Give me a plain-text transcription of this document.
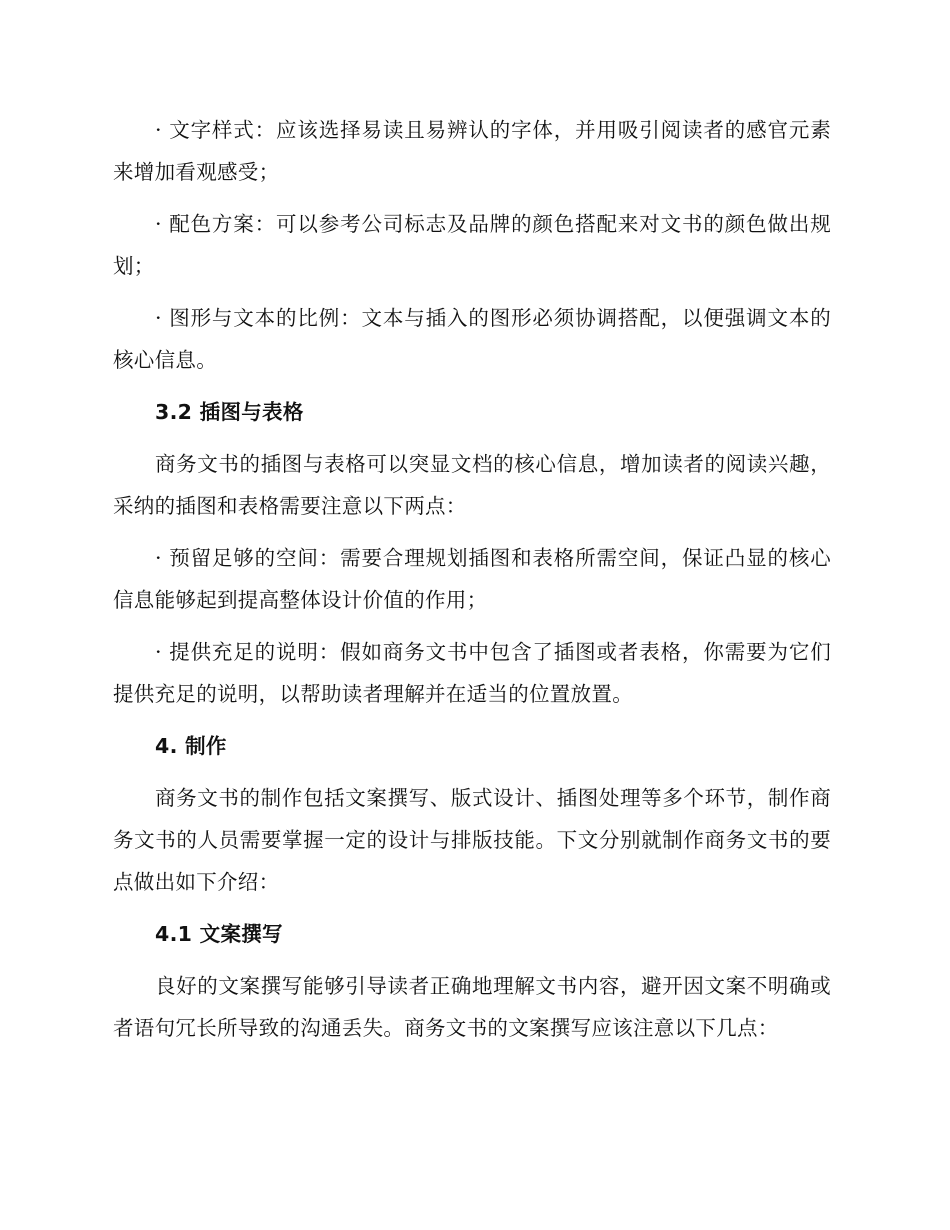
· 文字样式：应该选择易读且易辨认的字体，并用吸引阅读者的感官元素来增加看观感受；

· 配色方案：可以参考公司标志及品牌的颜色搭配来对文书的颜色做出规划；

· 图形与文本的比例：文本与插入的图形必须协调搭配，以便强调文本的核心信息。

3.2 插图与表格

商务文书的插图与表格可以突显文档的核心信息，增加读者的阅读兴趣，采纳的插图和表格需要注意以下两点：

· 预留足够的空间：需要合理规划插图和表格所需空间，保证凸显的核心信息能够起到提高整体设计价值的作用；

· 提供充足的说明：假如商务文书中包含了插图或者表格，你需要为它们提供充足的说明，以帮助读者理解并在适当的位置放置。

4. 制作

商务文书的制作包括文案撰写、版式设计、插图处理等多个环节，制作商务文书的人员需要掌握一定的设计与排版技能。下文分别就制作商务文书的要点做出如下介绍：

4.1 文案撰写

良好的文案撰写能够引导读者正确地理解文书内容，避开因文案不明确或者语句冗长所导致的沟通丢失。商务文书的文案撰写应该注意以下几点：
